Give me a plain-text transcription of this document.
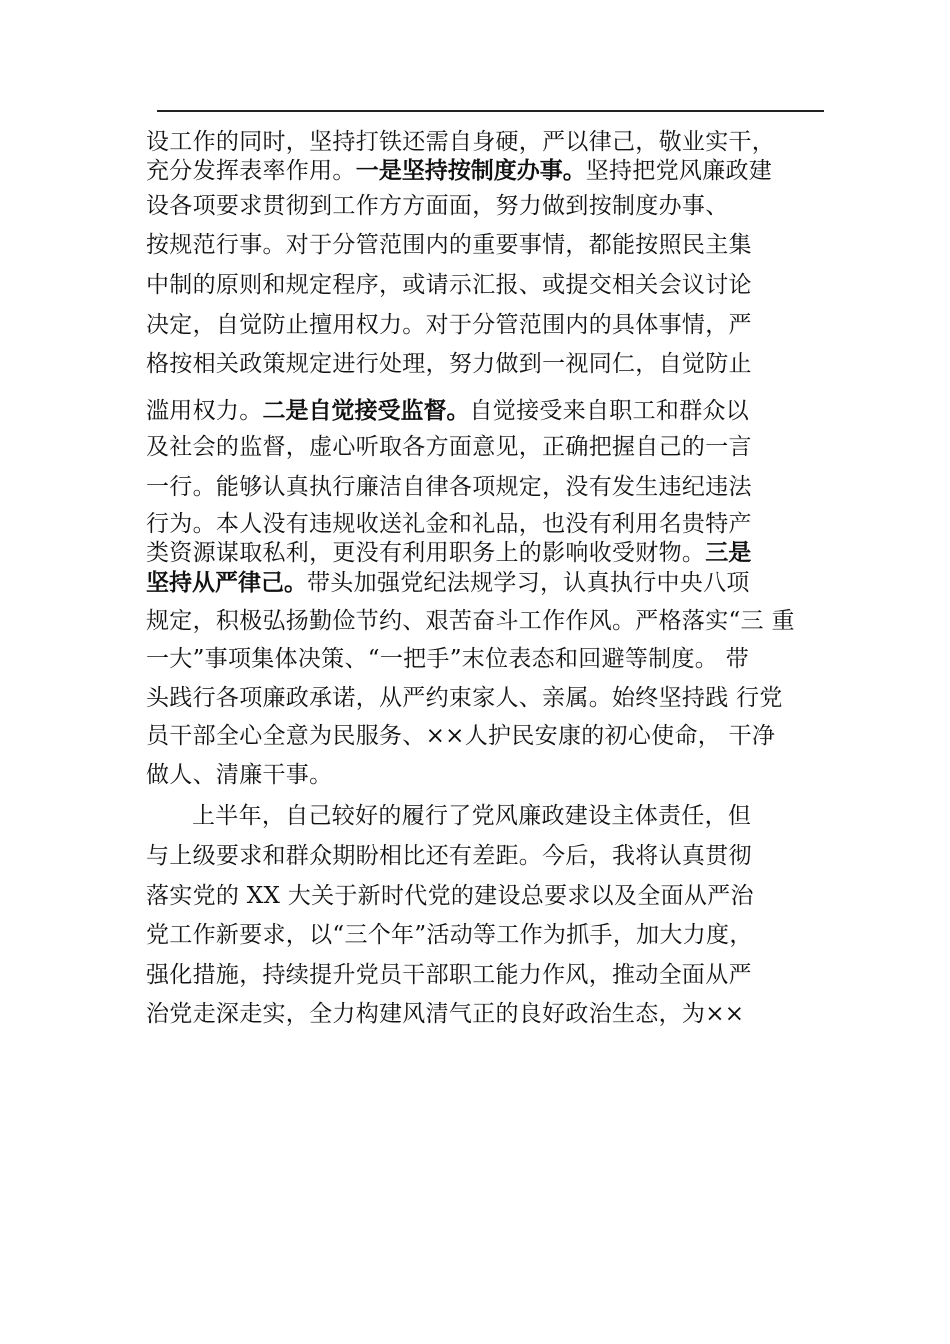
设工作的同时，坚持打铁还需自身硬，严以律己，敬业实干，
充分发挥表率作用。一是坚持按制度办事。坚持把党风廉政建
设各项要求贯彻到工作方方面面，努力做到按制度办事、
按规范行事。对于分管范围内的重要事情，都能按照民主集
中制的原则和规定程序，或请示汇报、或提交相关会议讨论
决定，自觉防止擅用权力。对于分管范围内的具体事情，严
格按相关政策规定进行处理，努力做到一视同仁，自觉防止
滥用权力。二是自觉接受监督。自觉接受来自职工和群众以
及社会的监督，虚心听取各方面意见，正确把握自己的一言
一行。能够认真执行廉洁自律各项规定，没有发生违纪违法
行为。本人没有违规收送礼金和礼品，也没有利用名贵特产
类资源谋取私利，更没有利用职务上的影响收受财物。三是
坚持从严律己。带头加强党纪法规学习，认真执行中央八项
规定，积极弘扬勤俭节约、艰苦奋斗工作作风。严格落实“三 重
一大”事项集体决策、“一把手”末位表态和回避等制度。 带
头践行各项廉政承诺，从严约束家人、亲属。始终坚持践 行党
员干部全心全意为民服务、××人护民安康的初心使命， 干净
做人、清廉干事。
上半年，自己较好的履行了党风廉政建设主体责任，但
与上级要求和群众期盼相比还有差距。今后，我将认真贯彻
落实党的 XX 大关于新时代党的建设总要求以及全面从严治
党工作新要求，以“三个年”活动等工作为抓手，加大力度，
强化措施，持续提升党员干部职工能力作风，推动全面从严
治党走深走实，全力构建风清气正的良好政治生态，为××
